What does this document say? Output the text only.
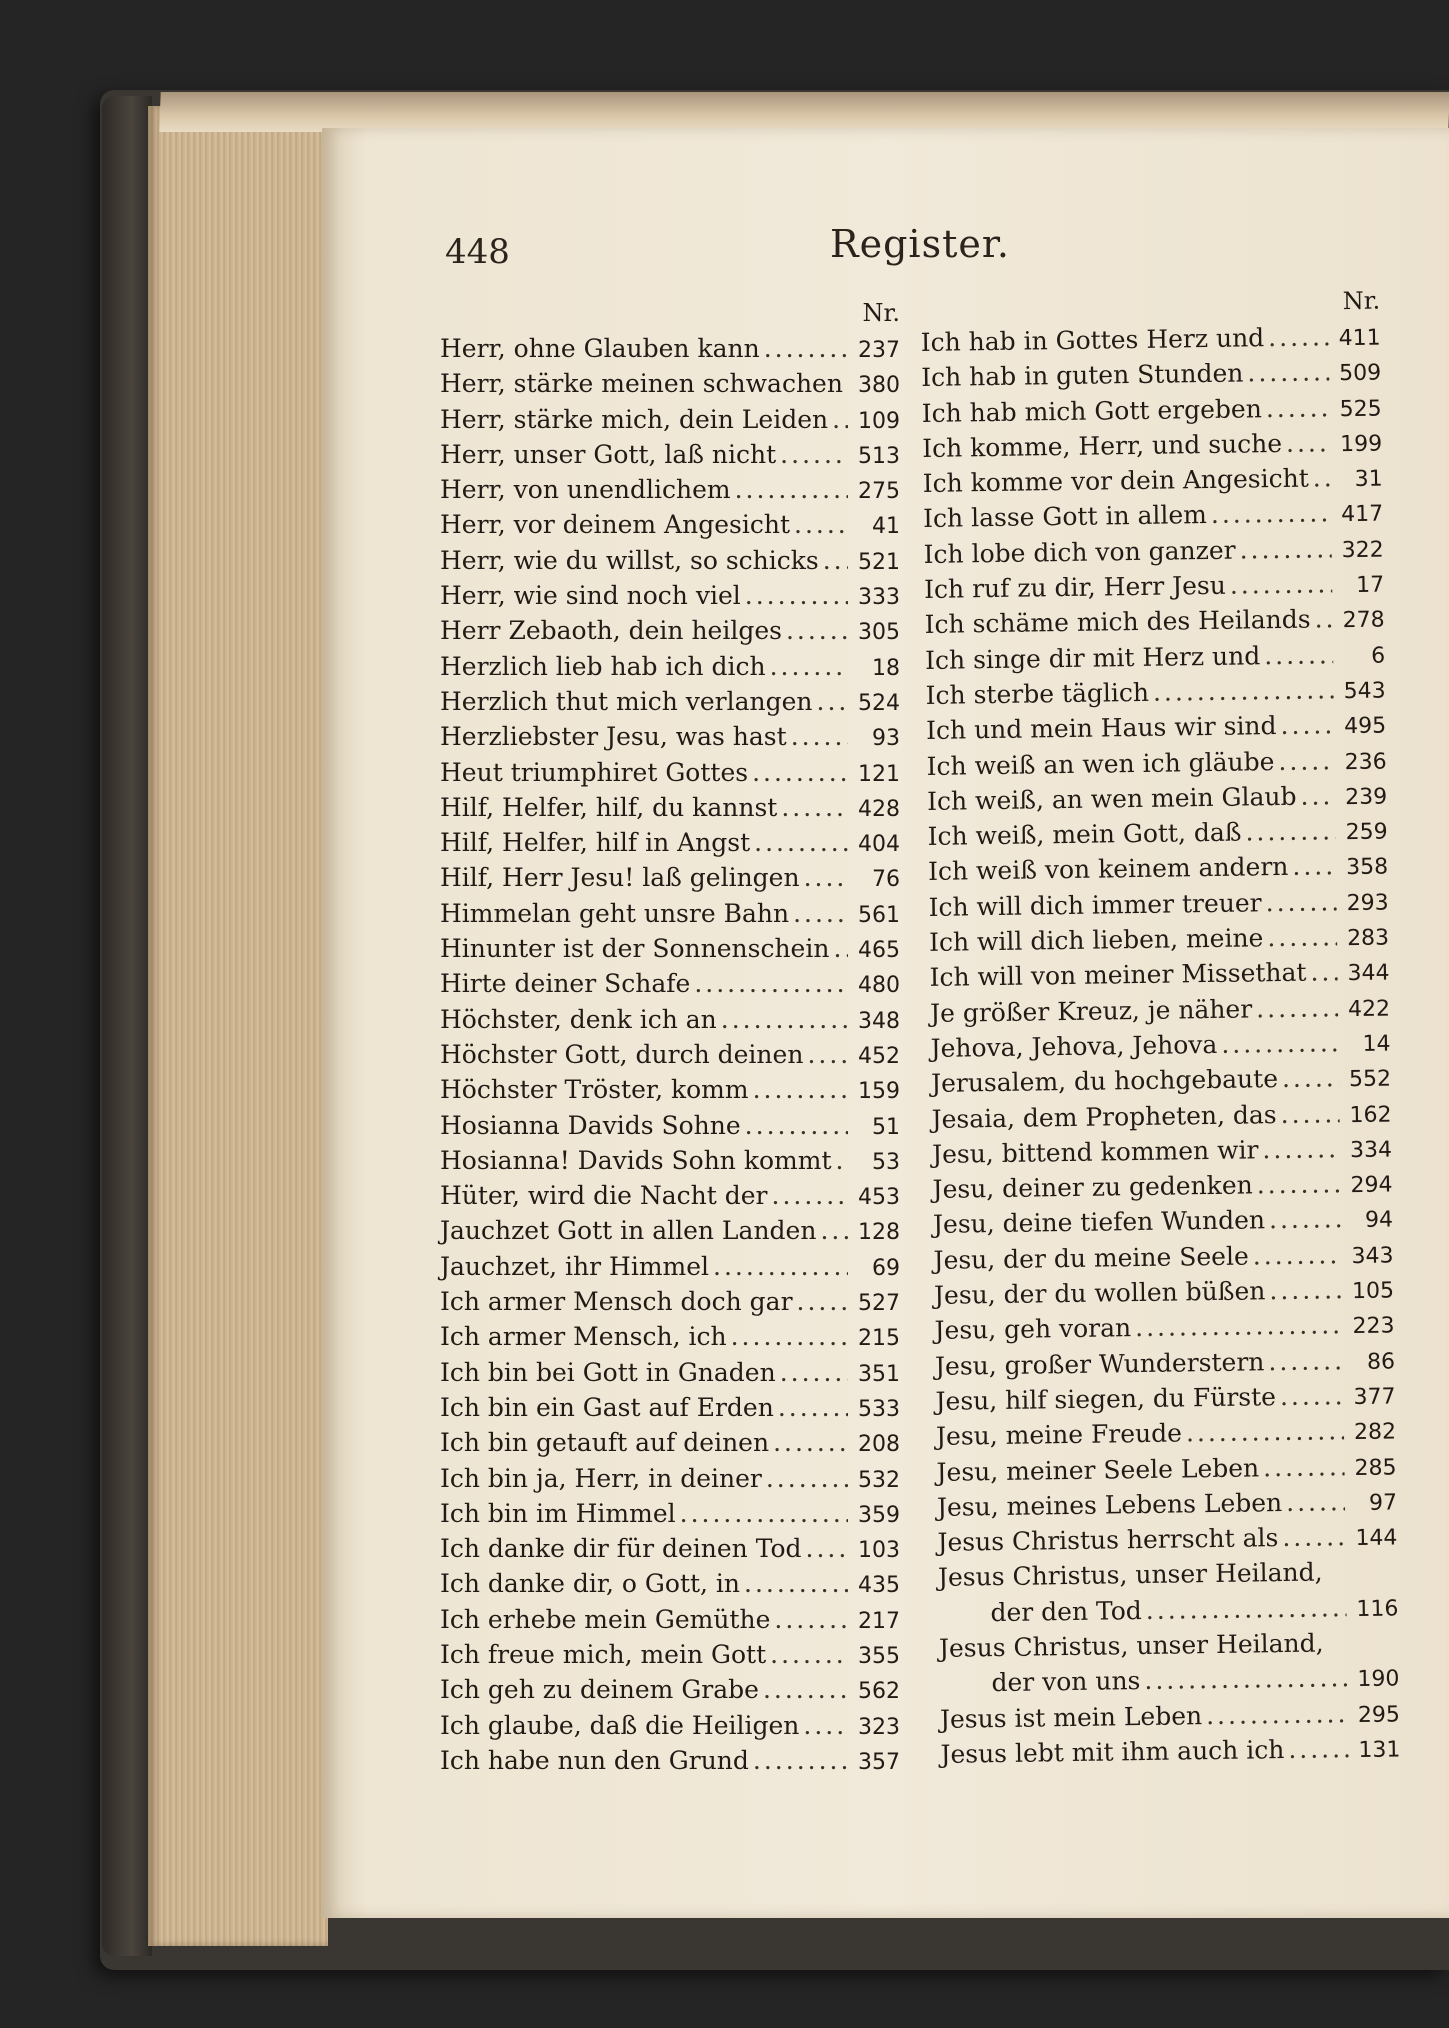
448	Register.
Nr.
Herr, ohne Glauben kann .....	237
Herr, stärke meinen schwachen ..... 380
Herr, stärke mich, dein Leiden ..... 109
Herr, unser Gott, laß nicht .....	513
Herr, von unendlichem .....	275
Herr, vor deinem Angesicht .....	41
Herr, wie du willst, so schicks ..... 521
Herr, wie sind noch viel .....	333
Herr Zebaoth, dein heilges .....	305
Herzlich lieb hab ich dich .....	18
Herzlich thut mich verlangen ..... 524
Herzliebster Jesu, was hast .....	93
Heut triumphiret Gottes .....	121
Hilf, Helfer, hilf, du kannst .....	428
Hilf, Helfer, hilf in Angst .....	404
Hilf, Herr Jesu! laß gelingen .....	76
Himmelan geht unsre Bahn .....	561
Hinunter ist der Sonnenschein ..... 465
Hirte deiner Schafe .....	480
Höchster, denk ich an .....	348
Höchster Gott, durch deinen ..... 452
Höchster Tröster, komm .....	159
Hosianna Davids Sohne .....	51
Hosianna! Davids Sohn kommt .....	53
Hüter, wird die Nacht der .....	453
Jauchzet Gott in allen Landen ..... 128
Jauchzet, ihr Himmel .....	69
Ich armer Mensch doch gar .....	527
Ich armer Mensch, ich .....	215
Ich bin bei Gott in Gnaden .....	351
Ich bin ein Gast auf Erden .....	533
Ich bin getauft auf deinen .....	208
Ich bin ja, Herr, in deiner .....	532
Ich bin im Himmel .....	359
Ich danke dir für deinen Tod .....	103
Ich danke dir, o Gott, in .....	435
Ich erhebe mein Gemüthe .....	217
Ich freue mich, mein Gott .....	355
Ich geh zu deinem Grabe .....	562
Ich glaube, daß die Heiligen .....	323
Ich habe nun den Grund .....	357
Nr.
Ich hab in Gottes Herz und .....	411
Ich hab in guten Stunden .....	509
Ich hab mich Gott ergeben .....	525
Ich komme, Herr, und suche .....	199
Ich komme vor dein Angesicht .....	31
Ich lasse Gott in allem .....	417
Ich lobe dich von ganzer .....	322
Ich ruf zu dir, Herr Jesu .....	17
Ich schäme mich des Heilands ..... 278
Ich singe dir mit Herz und .....	6
Ich sterbe täglich .....	543
Ich und mein Haus wir sind .....	495
Ich weiß an wen ich gläube .....	236
Ich weiß, an wen mein Glaub ..... 239
Ich weiß, mein Gott, daß .....	259
Ich weiß von keinem andern .....	358
Ich will dich immer treuer .....	293
Ich will dich lieben, meine .....	283
Ich will von meiner Missethat ..... 344
Je größer Kreuz, je näher .....	422
Jehova, Jehova, Jehova .....	14
Jerusalem, du hochgebaute .....	552
Jesaia, dem Propheten, das .....	162
Jesu, bittend kommen wir .....	334
Jesu, deiner zu gedenken .....	294
Jesu, deine tiefen Wunden .....	94
Jesu, der du meine Seele .....	343
Jesu, der du wollen büßen .....	105
Jesu, geh voran .....	223
Jesu, großer Wunderstern .....	86
Jesu, hilf siegen, du Fürste .....	377
Jesu, meine Freude .....	282
Jesu, meiner Seele Leben .....	285
Jesu, meines Lebens Leben .....	97
Jesus Christus herrscht als .....	144
Jesus Christus, unser Heiland,
der den Tod .....	116
Jesus Christus, unser Heiland,
der von uns .....	190
Jesus ist mein Leben .....	295
Jesus lebt mit ihm auch ich .....	131
